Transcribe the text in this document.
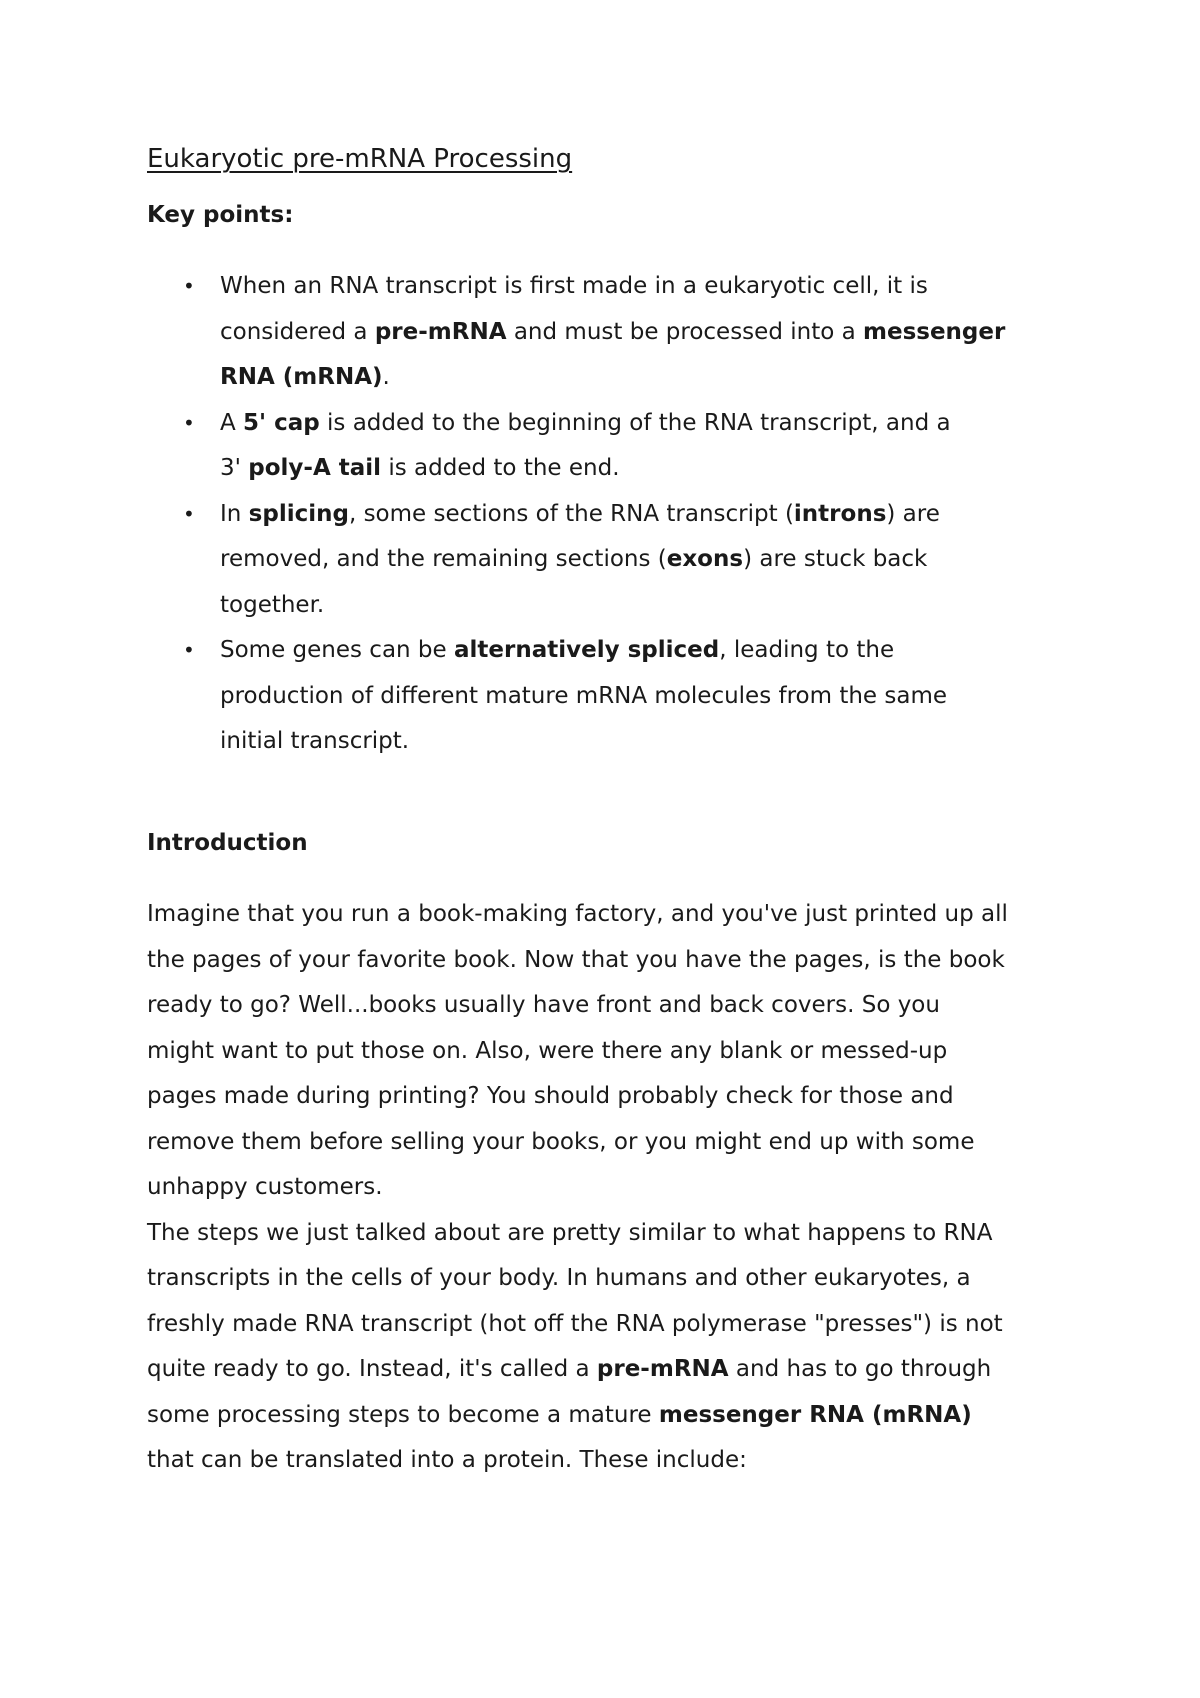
Eukaryotic pre-mRNA Processing
Key points:
• When an RNA transcript is first made in a eukaryotic cell, it is
considered a pre-mRNA and must be processed into a messenger
RNA (mRNA).
• A 5' cap is added to the beginning of the RNA transcript, and a
3' poly-A tail is added to the end.
• In splicing, some sections of the RNA transcript (introns) are
removed, and the remaining sections (exons) are stuck back
together.
• Some genes can be alternatively spliced, leading to the
production of different mature mRNA molecules from the same
initial transcript.
Introduction

Imagine that you run a book-making factory, and you've just printed up all
the pages of your favorite book. Now that you have the pages, is the book
ready to go? Well...books usually have front and back covers. So you
might want to put those on. Also, were there any blank or messed-up
pages made during printing? You should probably check for those and
remove them before selling your books, or you might end up with some
unhappy customers.

The steps we just talked about are pretty similar to what happens to RNA
transcripts in the cells of your body. In humans and other eukaryotes, a
freshly made RNA transcript (hot off the RNA polymerase "presses") is not
quite ready to go. Instead, it's called a pre-mRNA and has to go through
some processing steps to become a mature messenger RNA (mRNA)
that can be translated into a protein. These include:
